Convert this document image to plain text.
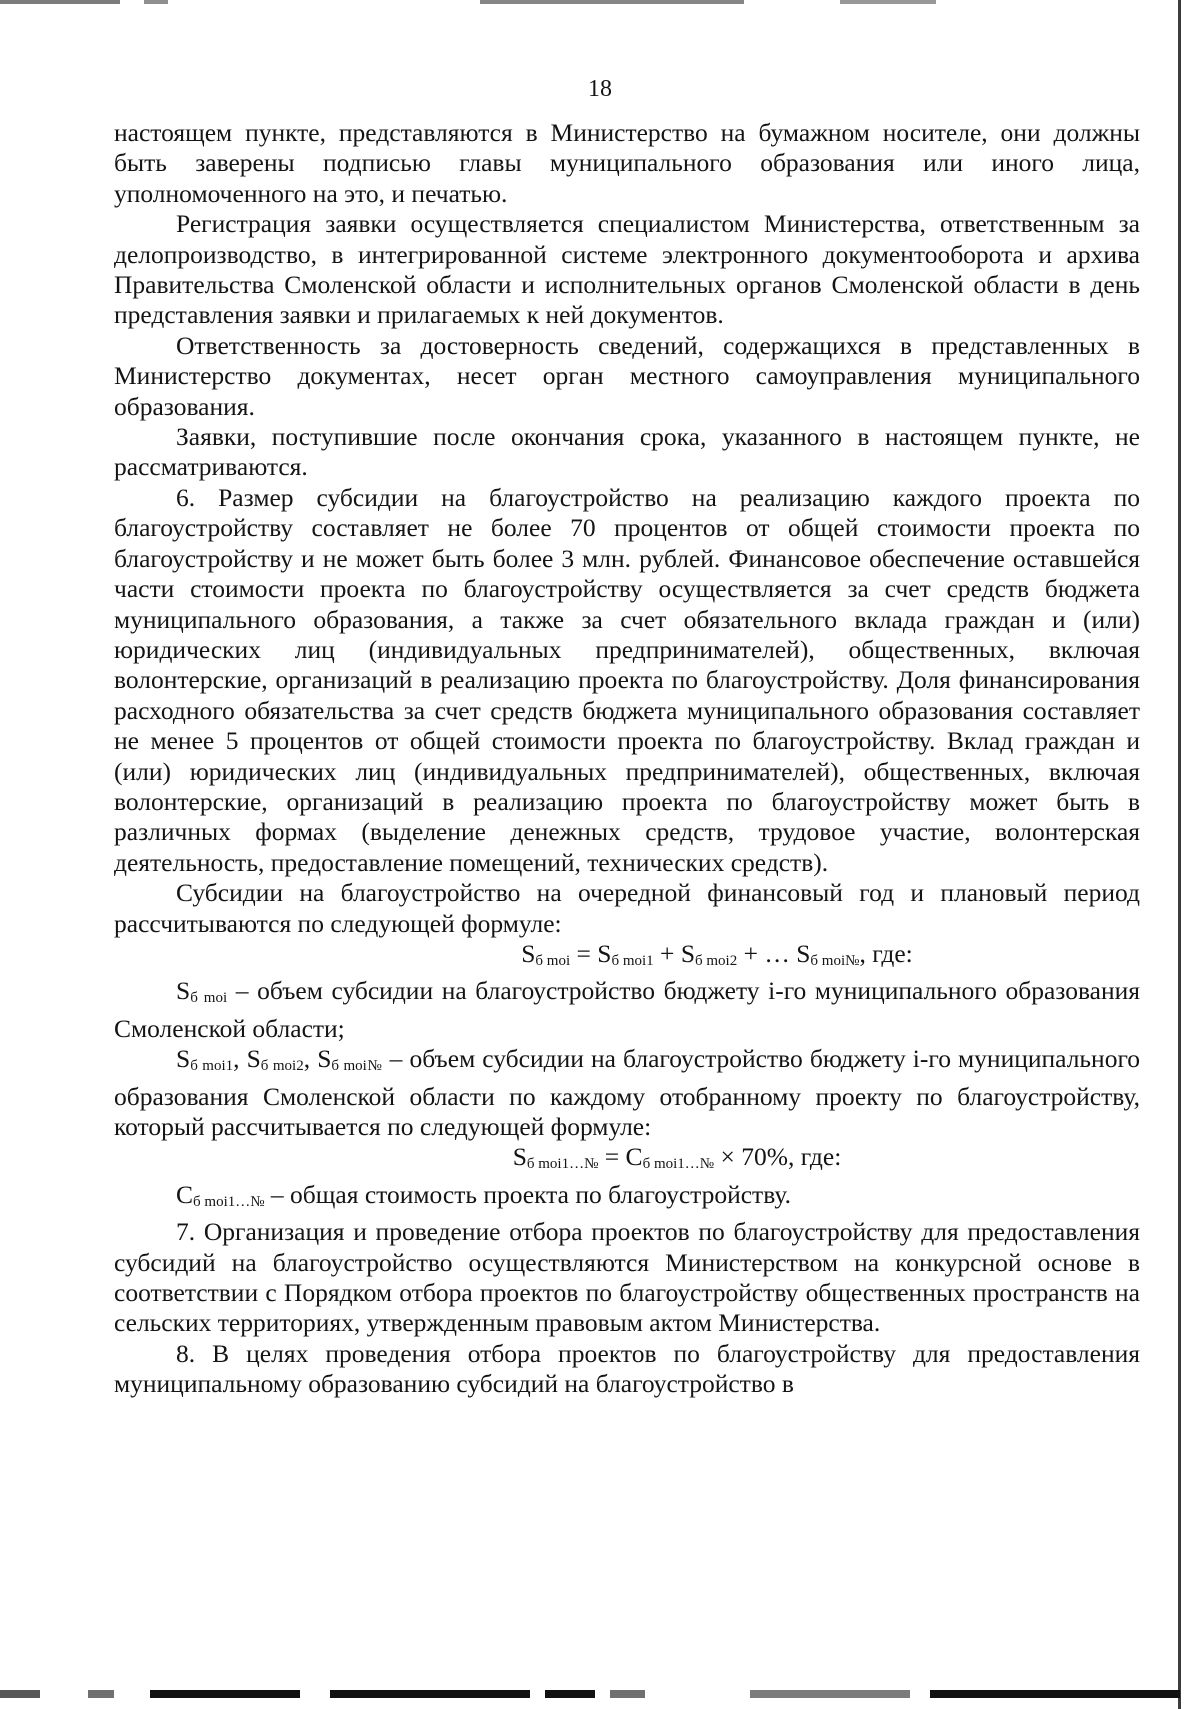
18

настоящем пункте, представляются в Министерство на бумажном носителе, они должны быть заверены подписью главы муниципального образования или иного лица, уполномоченного на это, и печатью.

Регистрация заявки осуществляется специалистом Министерства, ответственным за делопроизводство, в интегрированной системе электронного документооборота и архива Правительства Смоленской области и исполнительных органов Смоленской области в день представления заявки и прилагаемых к ней документов.

Ответственность за достоверность сведений, содержащихся в представленных в Министерство документах, несет орган местного самоуправления муниципального образования.

Заявки, поступившие после окончания срока, указанного в настоящем пункте, не рассматриваются.

6. Размер субсидии на благоустройство на реализацию каждого проекта по благоустройству составляет не более 70 процентов от общей стоимости проекта по благоустройству и не может быть более 3 млн. рублей. Финансовое обеспечение оставшейся части стоимости проекта по благоустройству осуществляется за счет средств бюджета муниципального образования, а также за счет обязательного вклада граждан и (или) юридических лиц (индивидуальных предпринимателей), общественных, включая волонтерские, организаций в реализацию проекта по благоустройству. Доля финансирования расходного обязательства за счет средств бюджета муниципального образования составляет не менее 5 процентов от общей стоимости проекта по благоустройству. Вклад граждан и (или) юридических лиц (индивидуальных предпринимателей), общественных, включая волонтерские, организаций в реализацию проекта по благоустройству может быть в различных формах (выделение денежных средств, трудовое участие, волонтерская деятельность, предоставление помещений, технических средств).

Субсидии на благоустройство на очередной финансовый год и плановый период рассчитываются по следующей формуле:

$S_{б moi} = S_{б moi1} + S_{б moi2}$ + … $S_{б moi№}$, где:

$S_{б moi}$ – объем субсидии на благоустройство бюджету i-го муниципального образования Смоленской области;

$S_{б moi1}$, $S_{б moi2}$, $S_{б moi№}$ – объем субсидии на благоустройство бюджету i-го муниципального образования Смоленской области по каждому отобранному проекту по благоустройству, который рассчитывается по следующей формуле:

$S_{б moi1\dots№} = C_{б moi1\dots№} \times 70\%$, где:

$C_{б moi1\dots№}$ – общая стоимость проекта по благоустройству.

7. Организация и проведение отбора проектов по благоустройству для предоставления субсидий на благоустройство осуществляются Министерством на конкурсной основе в соответствии с Порядком отбора проектов по благоустройству общественных пространств на сельских территориях, утвержденным правовым актом Министерства.

8. В целях проведения отбора проектов по благоустройству для предоставления муниципальному образованию субсидий на благоустройство в
